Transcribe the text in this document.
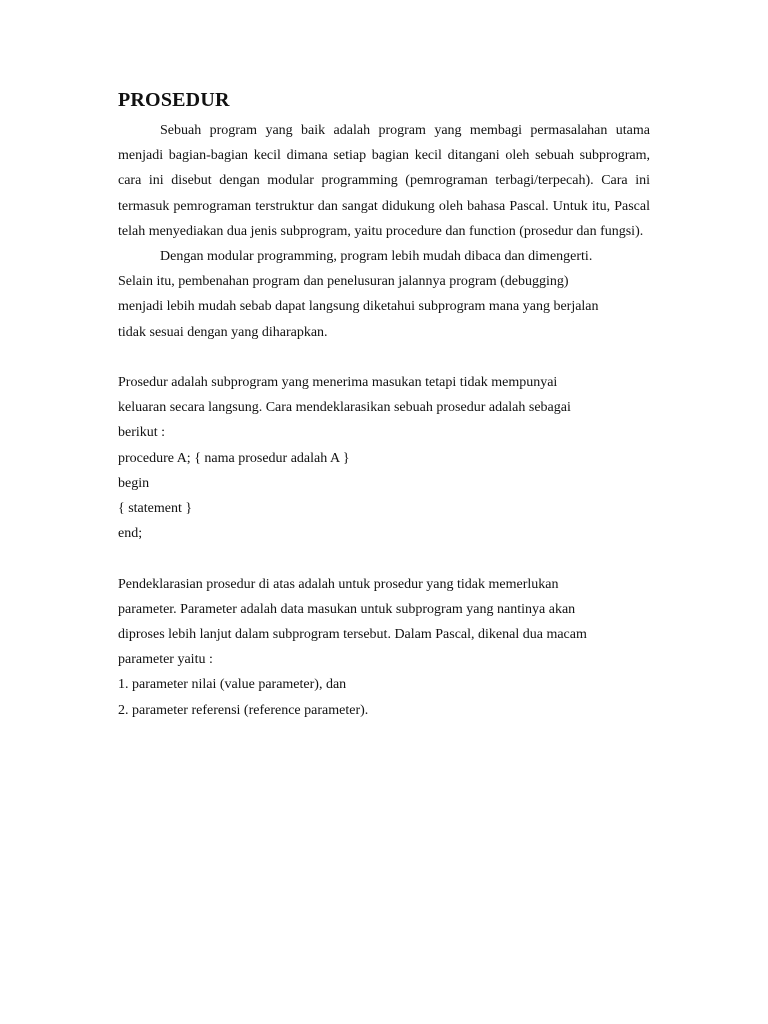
PROSEDUR

Sebuah program yang baik adalah program yang membagi permasalahan utama menjadi bagian-bagian kecil dimana setiap bagian kecil ditangani oleh sebuah subprogram, cara ini disebut dengan modular programming (pemrograman terbagi/terpecah). Cara ini termasuk pemrograman terstruktur dan sangat didukung oleh bahasa Pascal. Untuk itu, Pascal telah menyediakan dua jenis subprogram, yaitu procedure dan function (prosedur dan fungsi).

Dengan modular programming, program lebih mudah dibaca dan dimengerti.
Selain itu, pembenahan program dan penelusuran jalannya program (debugging)
menjadi lebih mudah sebab dapat langsung diketahui subprogram mana yang berjalan
tidak sesuai dengan yang diharapkan.
Prosedur adalah subprogram yang menerima masukan tetapi tidak mempunyai
keluaran secara langsung. Cara mendeklarasikan sebuah prosedur adalah sebagai
berikut :
procedure A; { nama prosedur adalah A }
begin
{ statement }
end;
Pendeklarasian prosedur di atas adalah untuk prosedur yang tidak memerlukan
parameter. Parameter adalah data masukan untuk subprogram yang nantinya akan
diproses lebih lanjut dalam subprogram tersebut. Dalam Pascal, dikenal dua macam
parameter yaitu :
1. parameter nilai (value parameter), dan
2. parameter referensi (reference parameter).
